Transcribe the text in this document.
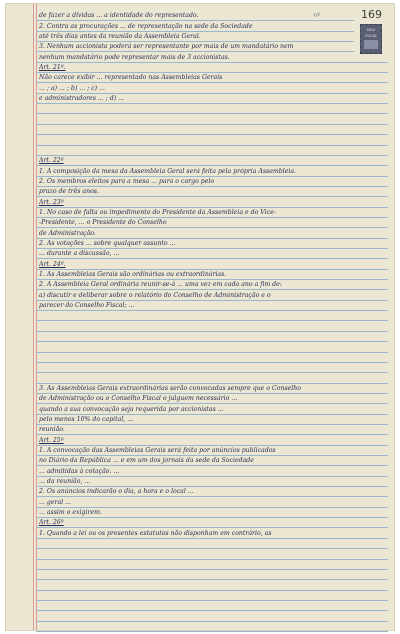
nº	169
SELO
FISCAL
de fazer a dívidas ... a identidade do representado.
2. Contra as procurações ... de representação na sede da Sociedade
até três dias antes da reunião da Assembleia Geral.
3. Nenhum accionista poderá ser representante por mais de um mandatário nem
nenhum mandatário pode representar mais de 3 accionistas.
Art. 21º.
Não carece exibir ... representado nas Assembleias Gerais
... ; a) ... ; b) ... ; c) ...
e administradores ... ; d) ...
Art. 22º
1. A composição da mesa da Assembleia Geral será feita pela própria Assembleia.
2. Os membros eleitos para a mesa ... para o cargo pelo
prazo de três anos.
Art. 23º
1. No caso de falta ou impedimento do Presidente da Assembleia e do Vice-
-Presidente, ... o Presidente do Conselho
de Administração.
2. As votações ... sobre qualquer assunto ...
... durante a discussão, ...
Art. 24º.
1. As Assembleias Gerais são ordinárias ou extraordinárias.
2. A Assembleia Geral ordinária reunir-se-á ... uma vez em cada ano a fim de:
a) discutir e deliberar sobre o relatório do Conselho de Administração e o
parecer do Conselho Fiscal; ...
3. As Assembleias Gerais extraordinárias serão convocadas sempre que o Conselho
de Administração ou o Conselho Fiscal o julguem necessário ...
quando a sua convocação seja requerida por accionistas ...
pelo menos 10% do capital, ...
reunião.
Art. 25º
1. A convocação das Assembleias Gerais será feita por anúncios publicados
no Diário da República ... e em um dos jornais da sede da Sociedade
... admitidas à cotação. ...
... da reunião, ...
2. Os anúncios indicarão o dia, a hora e o local ...
... geral ...
... assim o exigirem.
Art. 26º
1. Quando a lei ou os presentes estatutos não disponham em contrário, as
